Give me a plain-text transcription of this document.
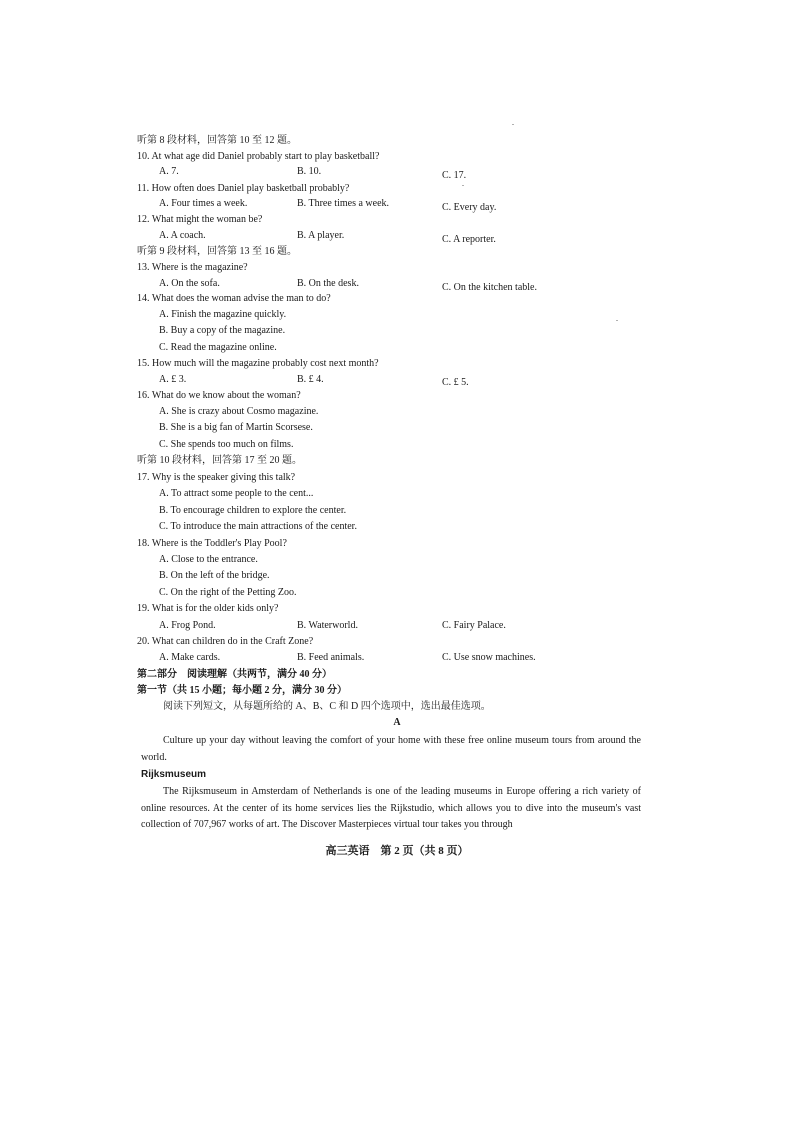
听第 8 段材料，回答第 10 至 12 题。
10. At what age did Daniel probably start to play basketball?
A. 7.	B. 10.	C. 17.
11. How often does Daniel play basketball probably?
A. Four times a week.	B. Three times a week.	C. Every day.
12. What might the woman be?
A. A coach.	B. A player.	C. A reporter.
听第 9 段材料，回答第 13 至 16 题。
13. Where is the magazine?
A. On the sofa.	B. On the desk.	C. On the kitchen table.
14. What does the woman advise the man to do?
A. Finish the magazine quickly.
B. Buy a copy of the magazine.
C. Read the magazine online.
15. How much will the magazine probably cost next month?
A. £ 3.	B. £ 4.	C. £ 5.
16. What do we know about the woman?
A. She is crazy about Cosmo magazine.
B. She is a big fan of Martin Scorsese.
C. She spends too much on films.
听第 10 段材料，回答第 17 至 20 题。
17. Why is the speaker giving this talk?
A. To attract some people to the cent...
B. To encourage children to explore the center.
C. To introduce the main attractions of the center.
18. Where is the Toddler's Play Pool?
A. Close to the entrance.
B. On the left of the bridge.
C. On the right of the Petting Zoo.
19. What is for the older kids only?
A. Frog Pond.	B. Waterworld.	C. Fairy Palace.
20. What can children do in the Craft Zone?
A. Make cards.	B. Feed animals.	C. Use snow machines.
第二部分　阅读理解（共两节，满分 40 分）
第一节（共 15 小题；每小题 2 分，满分 30 分）
阅读下列短文，从每题所给的 A、B、C 和 D 四个选项中，选出最佳选项。
A
Culture up your day without leaving the comfort of your home with these free online museum tours from around the world.
Rijksmuseum
The Rijksmuseum in Amsterdam of Netherlands is one of the leading museums in Europe offering a rich variety of online resources. At the center of its home services lies the Rijkstudio, which allows you to dive into the museum's vast collection of 707,967 works of art. The Discover Masterpieces virtual tour takes you through
高三英语　第 2 页（共 8 页）
